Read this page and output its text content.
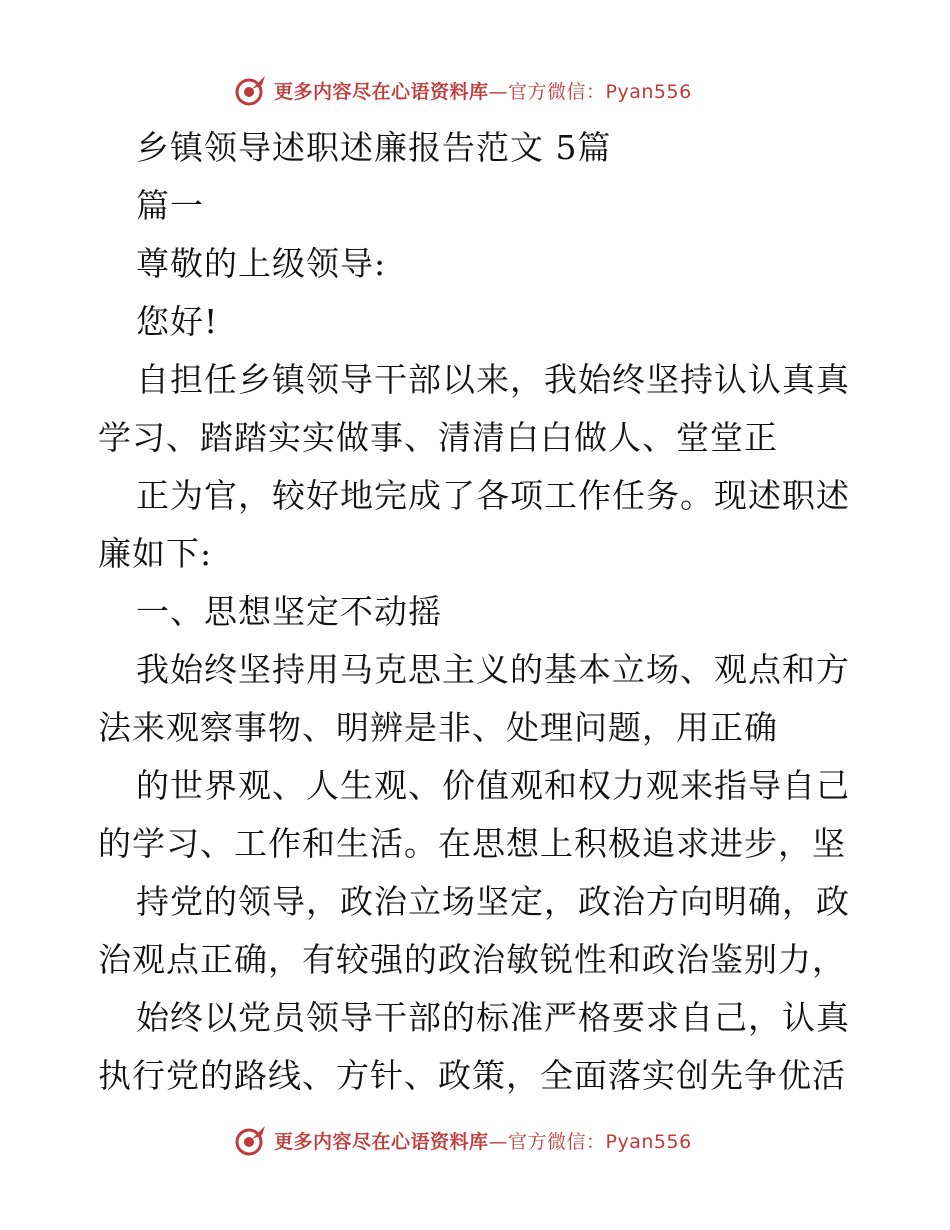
更多内容尽在心语资料库—官方微信：Pyan556
乡镇领导述职述廉报告范文 5篇
篇一
尊敬的上级领导:
您好!
自担任乡镇领导干部以来，我始终坚持认认真真
学习、踏踏实实做事、清清白白做人、堂堂正
正为官，较好地完成了各项工作任务。现述职述
廉如下:
一、思想坚定不动摇
我始终坚持用马克思主义的基本立场、观点和方
法来观察事物、明辨是非、处理问题，用正确
的世界观、人生观、价值观和权力观来指导自己
的学习、工作和生活。在思想上积极追求进步，坚
持党的领导，政治立场坚定，政治方向明确，政
治观点正确，有较强的政治敏锐性和政治鉴别力，
始终以党员领导干部的标准严格要求自己，认真
执行党的路线、方针、政策，全面落实创先争优活
更多内容尽在心语资料库—官方微信：Pyan556
